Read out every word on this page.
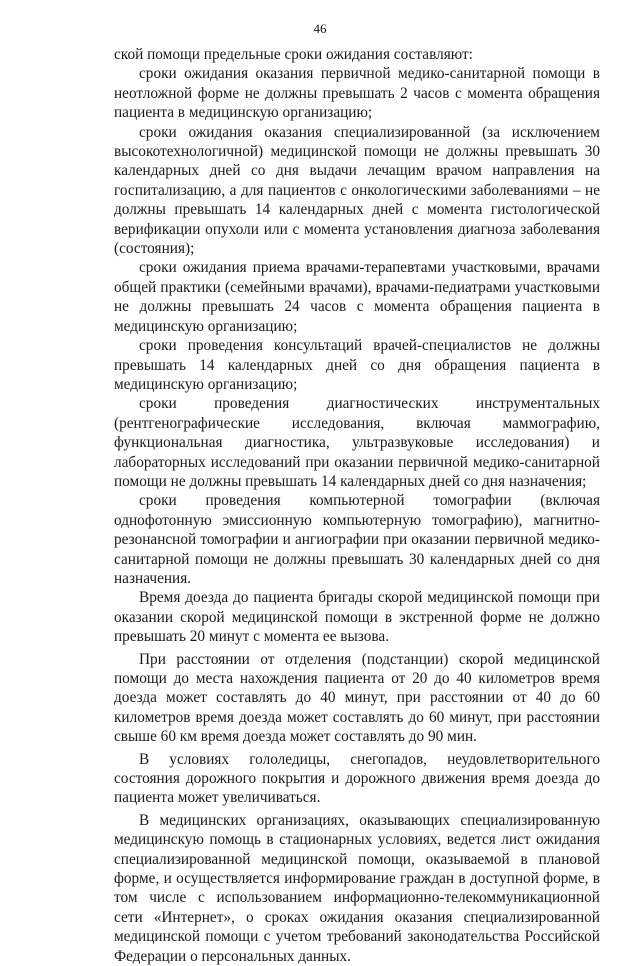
46

ской помощи предельные сроки ожидания составляют:

сроки ожидания оказания первичной медико-санитарной помощи в неотложной форме не должны превышать 2 часов с момента обращения пациента в медицинскую организацию;

сроки ожидания оказания специализированной (за исключением высокотехнологичной) медицинской помощи не должны превышать 30 календарных дней со дня выдачи лечащим врачом направления на госпитализацию, а для пациентов с онкологическими заболеваниями – не должны превышать 14 календарных дней с момента гистологической верификации опухоли или с момента установления диагноза заболевания (состояния);

сроки ожидания приема врачами-терапевтами участковыми, врачами общей практики (семейными врачами), врачами-педиатрами участковыми не должны превышать 24 часов с момента обращения пациента в медицинскую организацию;

сроки проведения консультаций врачей-специалистов не должны превышать 14 календарных дней со дня обращения пациента в медицинскую организацию;

сроки проведения диагностических инструментальных (рентгенографические исследования, включая маммографию, функциональная диагностика, ультразвуковые исследования) и лабораторных исследований при оказании первичной медико-санитарной помощи не должны превышать 14 календарных дней со дня назначения;

сроки проведения компьютерной томографии (включая однофотонную эмиссионную компьютерную томографию), магнитно-резонансной томографии и ангиографии при оказании первичной медико-санитарной помощи не должны превышать 30 календарных дней со дня назначения.

Время доезда до пациента бригады скорой медицинской помощи при оказании скорой медицинской помощи в экстренной форме не должно превышать 20 минут с момента ее вызова.

При расстоянии от отделения (подстанции) скорой медицинской помощи до места нахождения пациента от 20 до 40 километров время доезда может составлять до 40 минут, при расстоянии от 40 до 60 километров время доезда может составлять до 60 минут, при расстоянии свыше 60 км время доезда может составлять до 90 мин.

В условиях гололедицы, снегопадов, неудовлетворительного состояния дорожного покрытия и дорожного движения время доезда до пациента может увеличиваться.

В медицинских организациях, оказывающих специализированную медицинскую помощь в стационарных условиях, ведется лист ожидания специализированной медицинской помощи, оказываемой в плановой форме, и осуществляется информирование граждан в доступной форме, в том числе с использованием информационно-телекоммуникационной сети «Интернет», о сроках ожидания оказания специализированной медицинской помощи с учетом требований законодательства Российской Федерации о персональных данных.
